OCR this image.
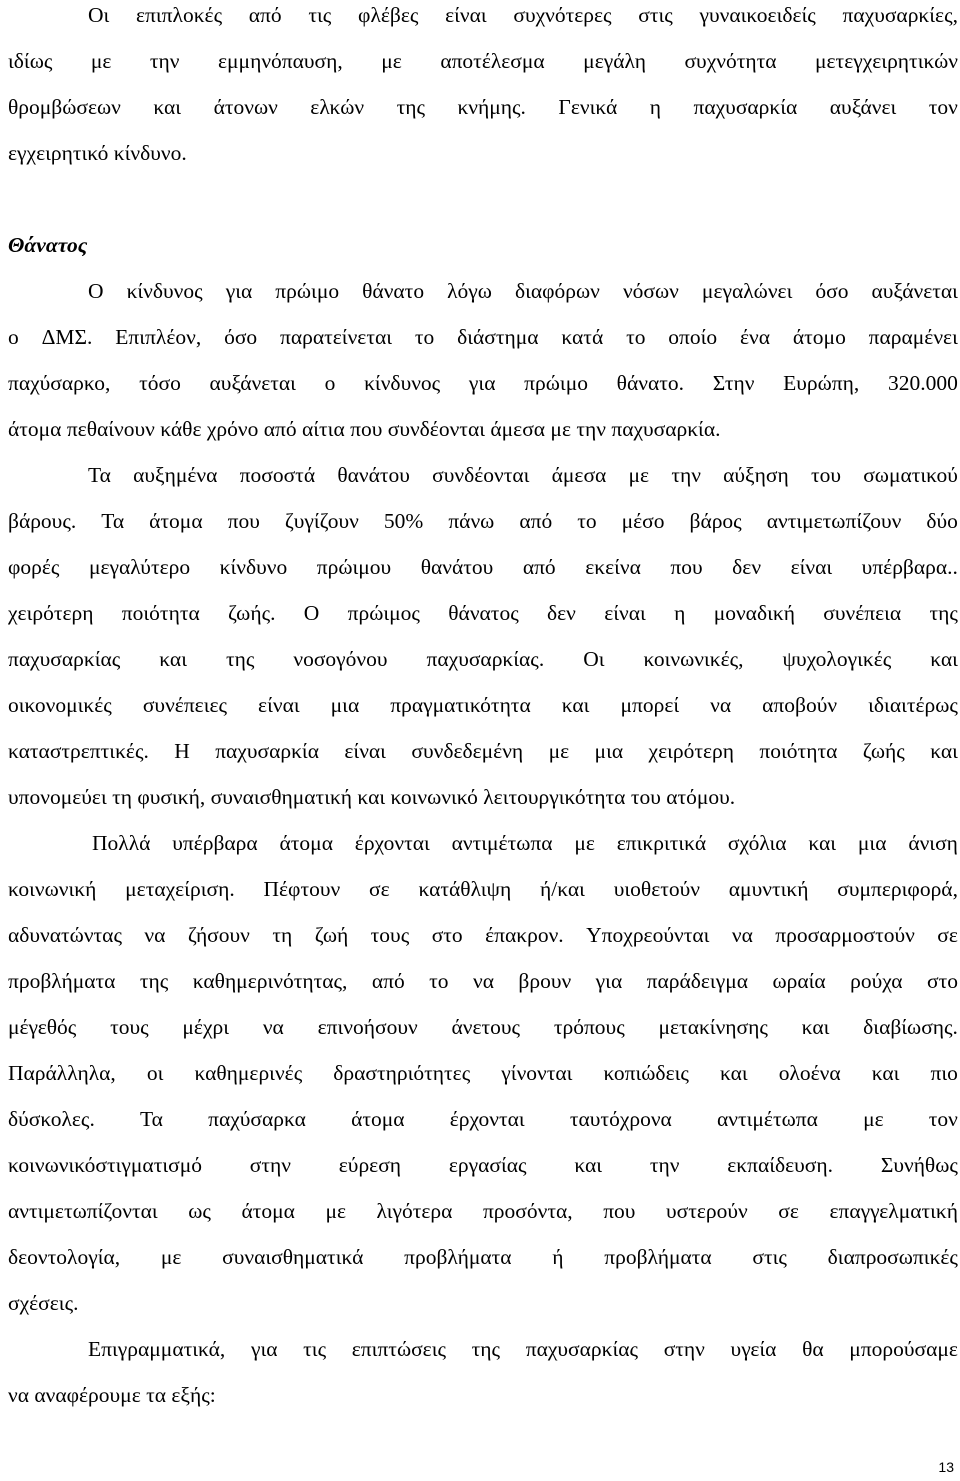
Οι επιπλοκές από τις φλέβες είναι συχνότερες στις γυναικοειδείς παχυσαρκίες,
ιδίως με την εμμηνόπαυση, με αποτέλεσμα μεγάλη συχνότητα μετεγχειρητικών
θρομβώσεων και άτονων ελκών της κνήμης. Γενικά η παχυσαρκία αυξάνει τον
εγχειρητικό κίνδυνο.
Θάνατος
Ο κίνδυνος για πρώιμο θάνατο λόγω διαφόρων νόσων μεγαλώνει όσο αυξάνεται
ο ΔΜΣ. Επιπλέον, όσο παρατείνεται το διάστημα κατά το οποίο ένα άτομο παραμένει
παχύσαρκο, τόσο αυξάνεται ο κίνδυνος για πρώιμο θάνατο. Στην Ευρώπη, 320.000
άτομα πεθαίνουν κάθε χρόνο από αίτια που συνδέονται άμεσα με την παχυσαρκία.
Τα αυξημένα ποσοστά θανάτου συνδέονται άμεσα με την αύξηση του σωματικού
βάρους. Τα άτομα που ζυγίζουν 50% πάνω από το μέσο βάρος αντιμετωπίζουν δύο
φορές μεγαλύτερο κίνδυνο πρώιμου θανάτου από εκείνα που δεν είναι υπέρβαρα..
χειρότερη ποιότητα ζωής. Ο πρώιμος θάνατος δεν είναι η μοναδική συνέπεια της
παχυσαρκίας και της νοσογόνου παχυσαρκίας. Οι κοινωνικές, ψυχολογικές και
οικονομικές συνέπειες είναι μια πραγματικότητα και μπορεί να αποβούν ιδιαιτέρως
καταστρεπτικές. Η παχυσαρκία είναι συνδεδεμένη με μια χειρότερη ποιότητα ζωής και
υπονομεύει τη φυσική, συναισθηματική και κοινωνικό λειτουργικότητα του ατόμου.
Πολλά υπέρβαρα άτομα έρχονται αντιμέτωπα με επικριτικά σχόλια και μια άνιση
κοινωνική μεταχείριση. Πέφτουν σε κατάθλιψη ή/και υιοθετούν αμυντική συμπεριφορά,
αδυνατώντας να ζήσουν τη ζωή τους στο έπακρον. Υποχρεούνται να προσαρμοστούν σε
προβλήματα της καθημερινότητας, από το να βρουν για παράδειγμα ωραία ρούχα στο
μέγεθός τους μέχρι να επινοήσουν άνετους τρόπους μετακίνησης και διαβίωσης.
Παράλληλα, οι καθημερινές δραστηριότητες γίνονται κοπιώδεις και ολοένα και πιο
δύσκολες. Τα παχύσαρκα άτομα έρχονται ταυτόχρονα αντιμέτωπα με τον
κοινωνικόστιγματισμό στην εύρεση εργασίας και την εκπαίδευση. Συνήθως
αντιμετωπίζονται ως άτομα με λιγότερα προσόντα, που υστερούν σε επαγγελματική
δεοντολογία, με συναισθηματικά προβλήματα ή προβλήματα στις διαπροσωπικές
σχέσεις.
Επιγραμματικά, για τις επιπτώσεις της παχυσαρκίας στην υγεία θα μπορούσαμε
να αναφέρουμε τα εξής:
13
